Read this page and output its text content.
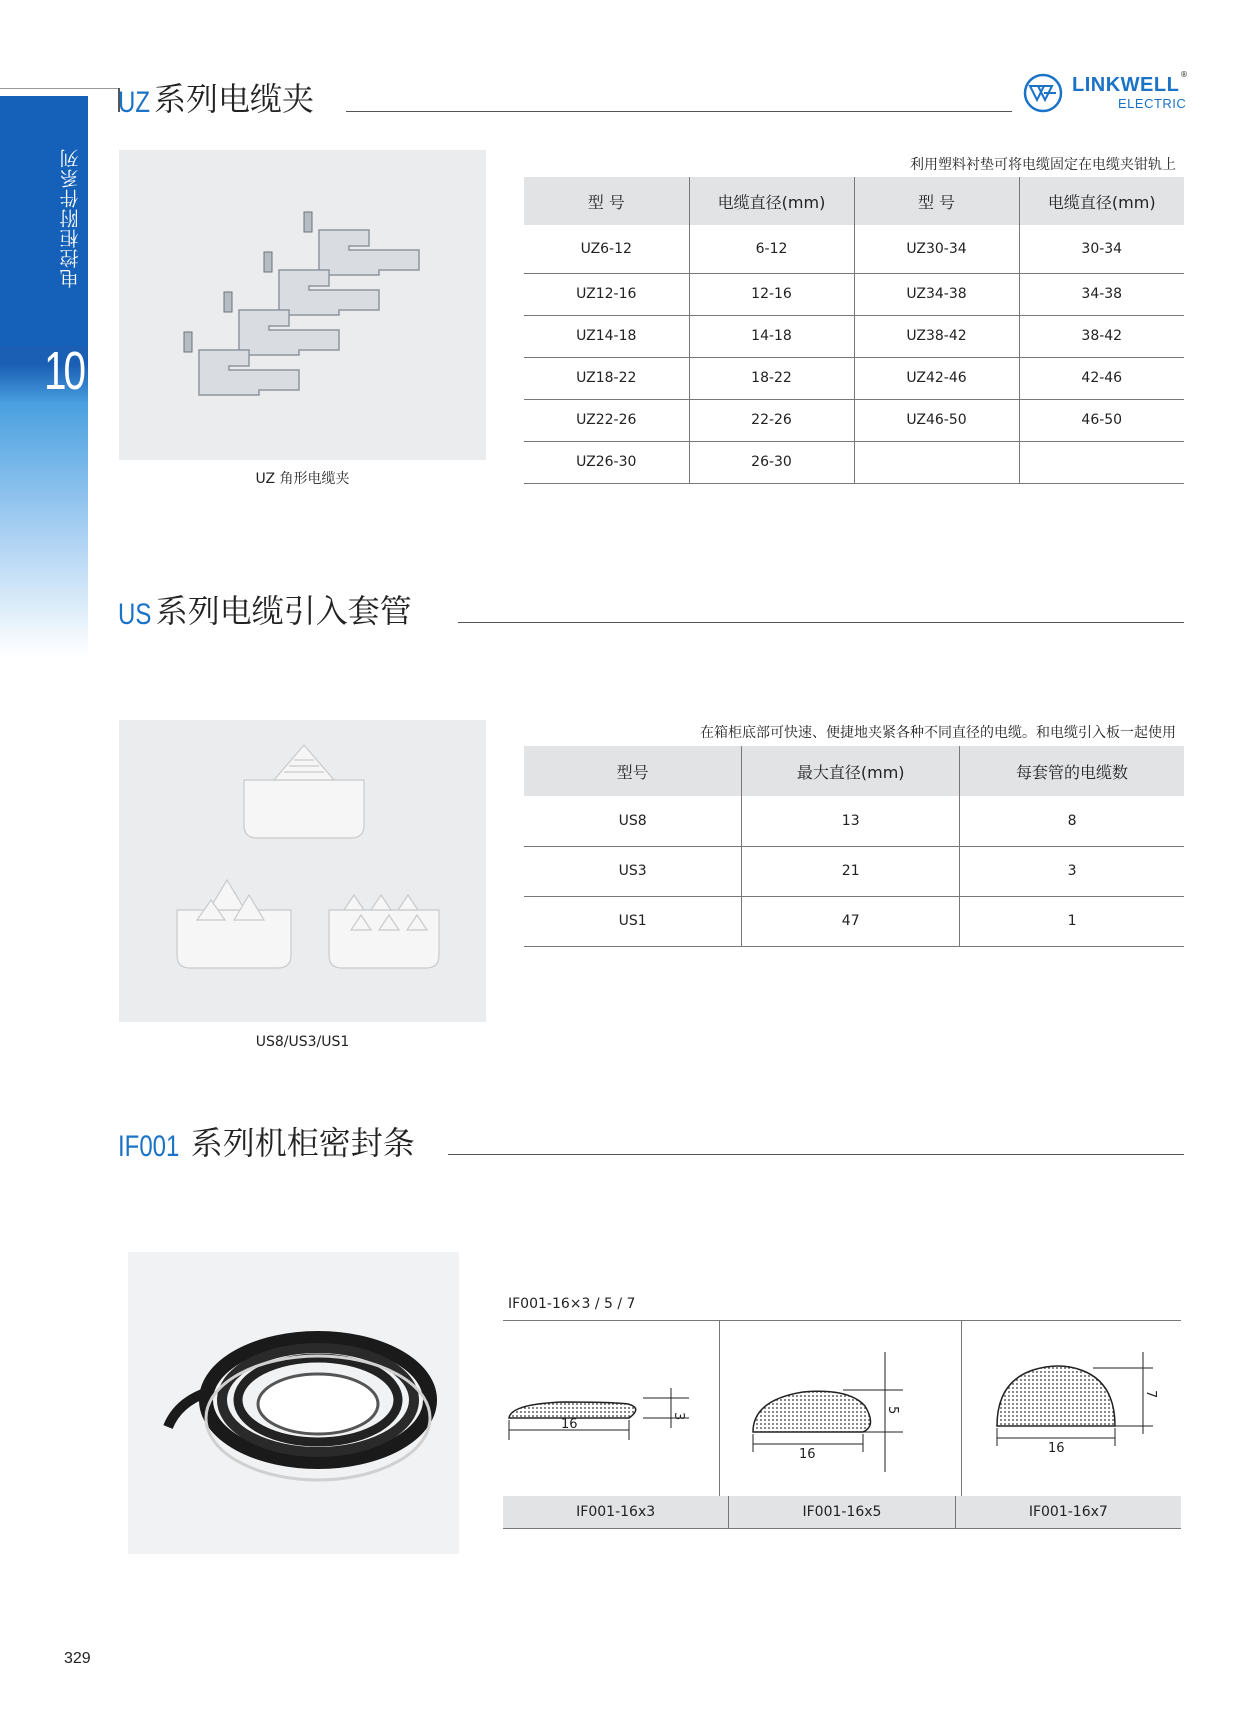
电控柜附件系列
10
LINKWELL
ELECTRIC
®
UZ 系列电缆夹
UZ 角形电缆夹
利用塑料衬垫可将电缆固定在电缆夹钳轨上
型 号	电缆直径(mm)	型 号	电缆直径(mm)
UZ6-12	6-12	UZ30-34	30-34
UZ12-16	12-16	UZ34-38	34-38
UZ14-18	14-18	UZ38-42	38-42
UZ18-22	18-22	UZ42-46	42-46
UZ22-26	22-26	UZ46-50	46-50
UZ26-30	26-30		
US 系列电缆引入套管
US8/US3/US1
在箱柜底部可快速、便捷地夹紧各种不同直径的电缆。和电缆引入板一起使用
型号	最大直径(mm)	每套管的电缆数
US8	13	8
US3	21	3
US1	47	1
IF001 系列机柜密封条
IF001-16×3 / 5 / 7
16
3
16
5
16
7
IF001-16x3	IF001-16x5	IF001-16x7
329
